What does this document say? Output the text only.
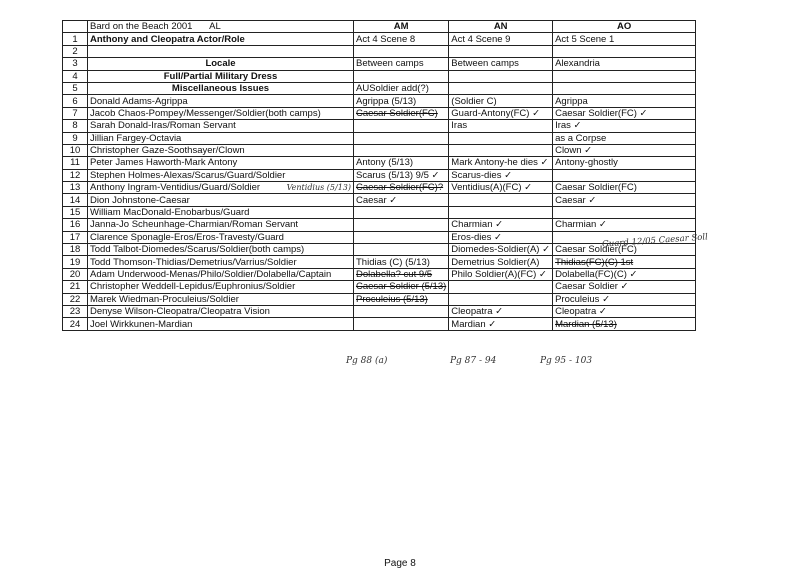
	Bard on the Beach 2001 AL	AM	AN	AO
1	Anthony and Cleopatra Actor/Role	Act 4 Scene 8	Act 4 Scene 9	Act 5 Scene 1
2				
3	Locale	Between camps	Between camps	Alexandria
4	Full/Partial Military Dress			
5	Miscellaneous Issues	AUSoldier add(?)		
6	Donald Adams-Agrippa	Agrippa (5/13)	(Soldier C)	Agrippa
7	Jacob Chaos-Pompey/Messenger/Soldier(both camps)	Caesar Soldier(FC)	Guard-Antony(FC) ✓	Caesar Soldier(FC) ✓
8	Sarah Donald-Iras/Roman Servant		Iras	Iras ✓
9	Jillian Fargey-Octavia			as a Corpse
10	Christopher Gaze-Soothsayer/Clown			Clown ✓
11	Peter James Haworth-Mark Antony	Antony (5/13)	Mark Antony-he dies ✓	Antony-ghostly
12	Stephen Holmes-Alexas/Scarus/Guard/Soldier	Scarus (5/13) 9/5 ✓	Scarus-dies ✓	
13	Anthony Ingram-Ventidius/Guard/Soldier Ventidius (5/13)	Caesar Soldier(FC)?	Ventidius(A)(FC) ✓	Caesar Soldier(FC)
14	Dion Johnstone-Caesar	Caesar ✓		Caesar ✓
15	William MacDonald-Enobarbus/Guard			
16	Janna-Jo Scheunhage-Charmian/Roman Servant		Charmian ✓	Charmian ✓
17	Clarence Sponagle-Eros/Eros-Travesty/Guard		Eros-dies ✓	
18	Todd Talbot-Diomedes/Scarus/Soldier(both camps)		Diomedes-Soldier(A) ✓	Caesar Soldier(FC)
19	Todd Thomson-Thidias/Demetrius/Varrius/Soldier	Thidias (C) (5/13)	Demetrius Soldier(A)	Thidias(FC)(C) 1st
20	Adam Underwood-Menas/Philo/Soldier/Dolabella/Captain	Dolabella? cut 9/5	Philo Soldier(A)(FC) ✓	Dolabella(FC)(C) ✓
21	Christopher Weddell-Lepidus/Euphronius/Soldier	Caesar Soldier (5/13)		Caesar Soldier ✓
22	Marek Wiedman-Proculeius/Soldier	Proculeius (5/13)		Proculeius ✓
23	Denyse Wilson-Cleopatra/Cleopatra Vision		Cleopatra ✓	Cleopatra ✓
24	Joel Wirkkunen-Mardian		Mardian ✓	Mardian (5/13)
Guard 12/05 Caesar Soll
Pg 88 (a)	Pg 87 - 94	Pg 95 - 103
Page 8
